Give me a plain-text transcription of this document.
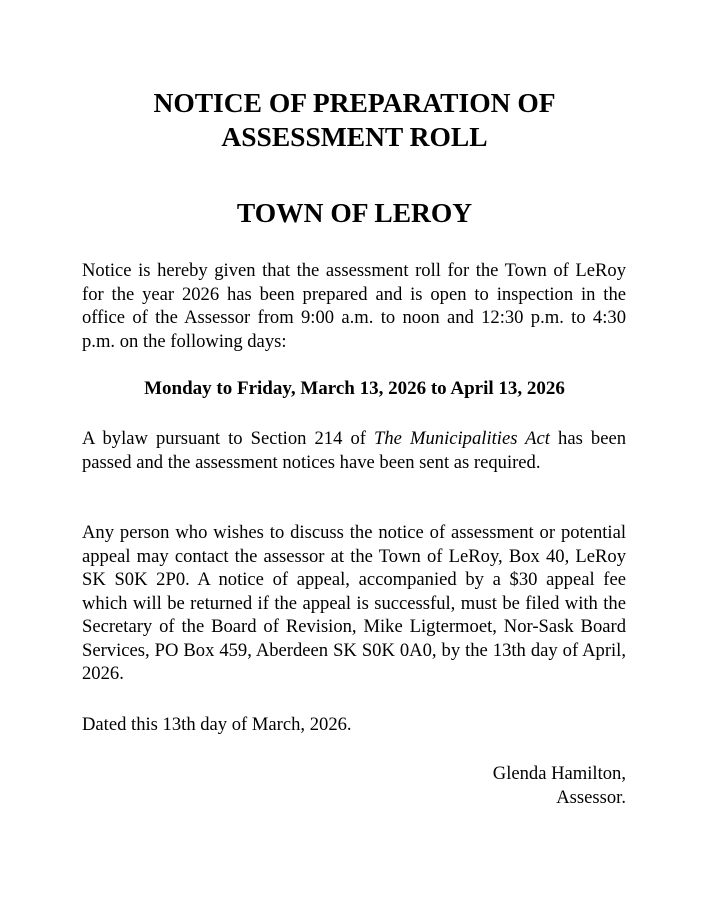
NOTICE OF PREPARATION OF
ASSESSMENT ROLL
TOWN OF LEROY
Notice is hereby given that the assessment roll for the Town of LeRoy for the year 2026 has been prepared and is open to inspection in the office of the Assessor from 9:00 a.m. to noon and 12:30 p.m. to 4:30 p.m. on the following days:
Monday to Friday, March 13, 2026 to April 13, 2026
A bylaw pursuant to Section 214 of The Municipalities Act has been passed and the assessment notices have been sent as required.
Any person who wishes to discuss the notice of assessment or potential appeal may contact the assessor at the Town of LeRoy, Box 40, LeRoy SK S0K 2P0. A notice of appeal, accompanied by a $30 appeal fee which will be returned if the appeal is successful, must be filed with the Secretary of the Board of Revision, Mike Ligtermoet, Nor-Sask Board Services, PO Box 459, Aberdeen SK S0K 0A0, by the 13th day of April, 2026.
Dated this 13th day of March, 2026.
Glenda Hamilton,
Assessor.
